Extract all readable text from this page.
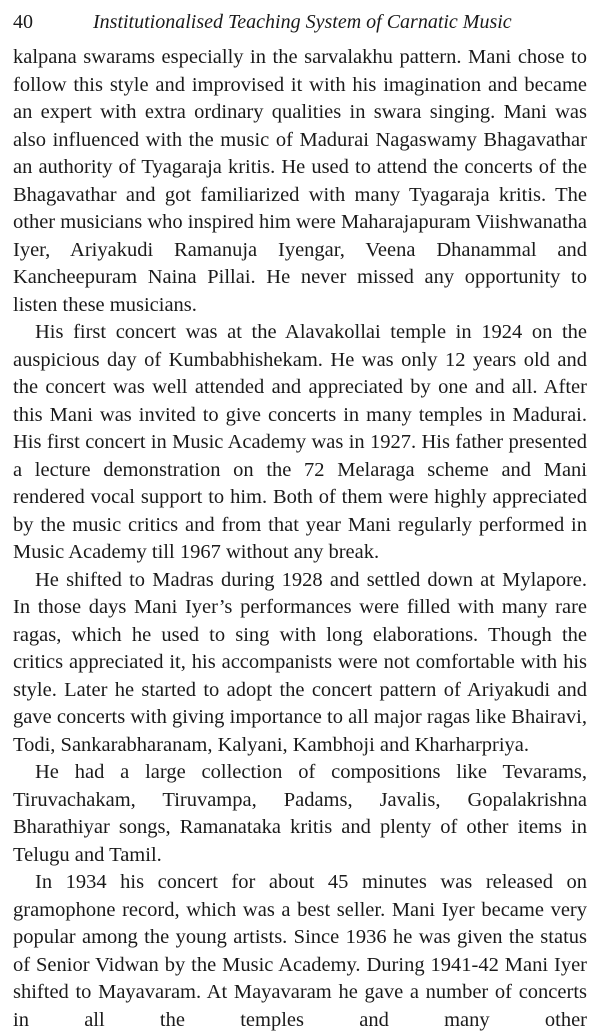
40	Institutionalised Teaching System of Carnatic Music

kalpana swarams especially in the sarvalakhu pattern. Mani chose to follow this style and improvised it with his imagination and became an expert with extra ordinary qualities in swara singing. Mani was also influenced with the music of Madurai Nagaswamy Bhagavathar an authority of Tyagaraja kritis. He used to attend the concerts of the Bhagavathar and got familiarized with many Tyagaraja kritis. The other musicians who inspired him were Maharajapuram Viishwanatha Iyer, Ariyakudi Ramanuja Iyengar, Veena Dhanammal and Kancheepuram Naina Pillai. He never missed any opportunity to listen these musicians.

His first concert was at the Alavakollai temple in 1924 on the auspicious day of Kumbabhishekam. He was only 12 years old and the concert was well attended and appreciated by one and all. After this Mani was invited to give concerts in many temples in Madurai. His first concert in Music Academy was in 1927. His father presented a lecture demonstration on the 72 Melaraga scheme and Mani rendered vocal support to him. Both of them were highly appreciated by the music critics and from that year Mani regularly performed in Music Academy till 1967 without any break.

He shifted to Madras during 1928 and settled down at Mylapore. In those days Mani Iyer’s performances were filled with many rare ragas, which he used to sing with long elaborations. Though the critics appreciated it, his accompanists were not comfortable with his style. Later he started to adopt the concert pattern of Ariyakudi and gave concerts with giving importance to all major ragas like Bhairavi, Todi, Sankarabharanam, Kalyani, Kambhoji and Kharharpriya.

He had a large collection of compositions like Tevarams, Tiruvachakam, Tiruvampa, Padams, Javalis, Gopalakrishna Bharathiyar songs, Ramanataka kritis and plenty of other items in Telugu and Tamil.

In 1934 his concert for about 45 minutes was released on gramophone record, which was a best seller. Mani Iyer became very popular among the young artists. Since 1936 he was given the status of Senior Vidwan by the Music Academy. During 1941-42 Mani Iyer shifted to Mayavaram. At Mayavaram he gave a number of concerts in all the temples and many other
